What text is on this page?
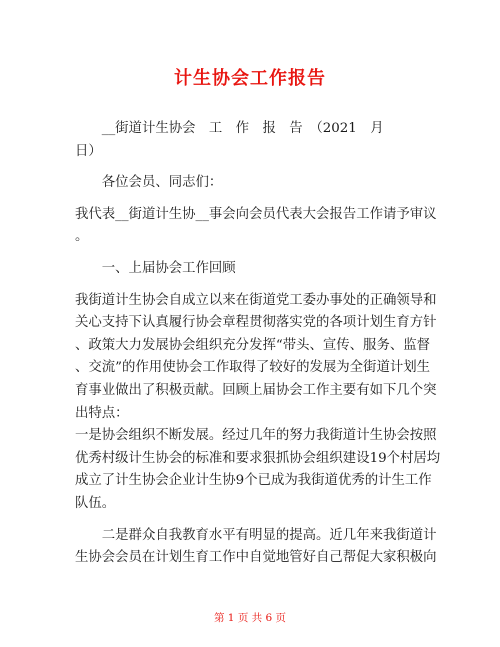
计生协会工作报告
　　__街道计生协会　工　作　报　告　（2021　月
日）
　　各位会员、同志们：
我代表__街道计生协__事会向会员代表大会报告工作请予审议
。
　　一、上届协会工作回顾
我街道计生协会自成立以来在街道党工委办事处的正确领导和
关心支持下认真履行协会章程贯彻落实党的各项计划生育方针
、政策大力发展协会组织充分发挥“带头、宣传、服务、监督
、交流”的作用使协会工作取得了较好的发展为全街道计划生
育事业做出了积极贡献。回顾上届协会工作主要有如下几个突
出特点：
一是协会组织不断发展。经过几年的努力我街道计生协会按照
优秀村级计生协会的标准和要求狠抓协会组织建设19个村居均
成立了计生协会企业计生协9个已成为我街道优秀的计生工作
队伍。
　　二是群众自我教育水平有明显的提高。近几年来我街道计
生协会会员在计划生育工作中自觉地管好自己帮促大家积极向
第 1 页 共 6 页
